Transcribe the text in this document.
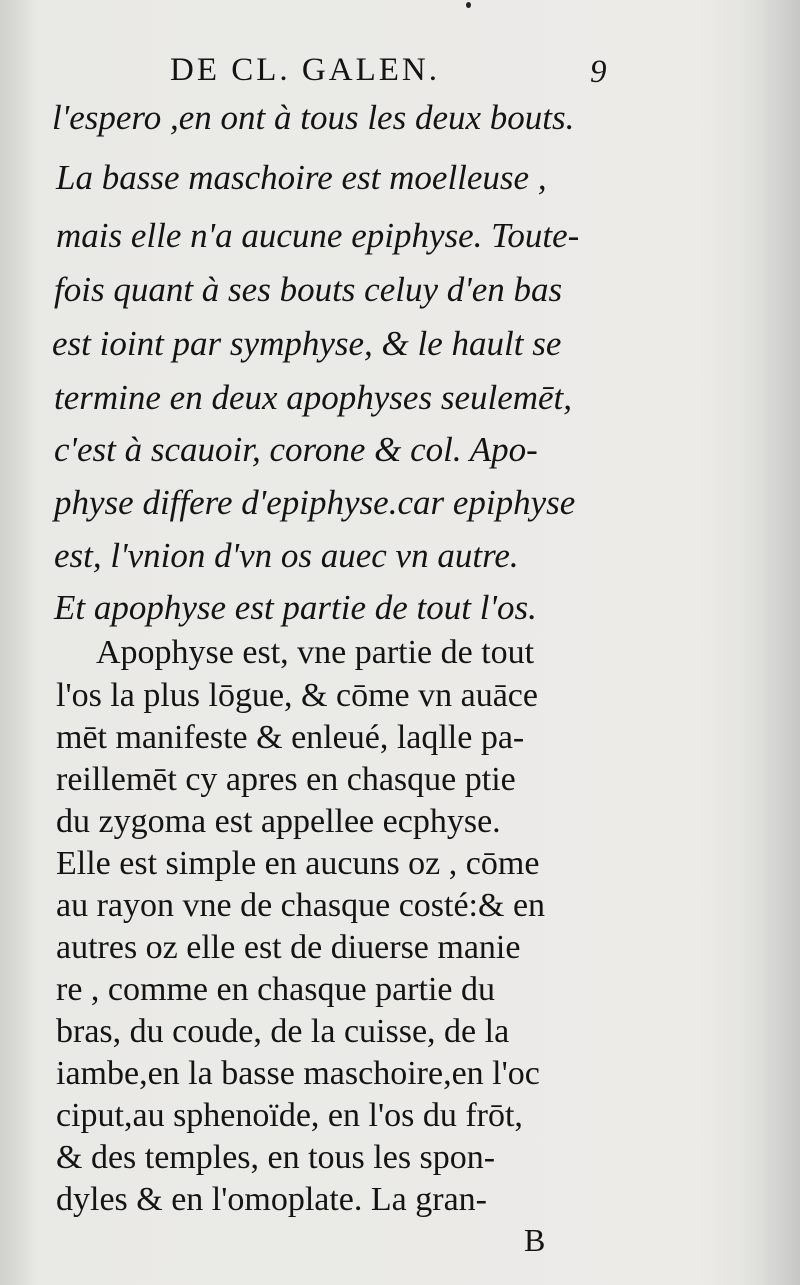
DE CL. GALEN.	9
l'espero ,en ont à tous les deux bouts.
La basse maschoire est moelleuse ,
mais elle n'a aucune epiphyse. Toute-
fois quant à ses bouts celuy d'en bas
est ioint par symphyse, & le hault se
termine en deux apophyses seulemēt,
c'est à scauoir, corone & col. Apo-
physe differe d'epiphyse.car epiphyse
est, l'vnion d'vn os auec vn autre.
Et apophyse est partie de tout l'os.
Apophyse est, vne partie de tout
l'os la plus lōgue, & cōme vn auāce
mēt manifeste & enleué, laqlle pa-
reillemēt cy apres en chasque ptie
du zygoma est appellee ecphyse.
Elle est simple en aucuns oz , cōme
au rayon vne de chasque costé:& en
autres oz elle est de diuerse manie
re , comme en chasque partie du
bras, du coude, de la cuisse, de la
iambe,en la basse maschoire,en l'oc
ciput,au sphenoïde, en l'os du frōt,
& des temples, en tous les spon-
dyles & en l'omoplate. La gran-
B
